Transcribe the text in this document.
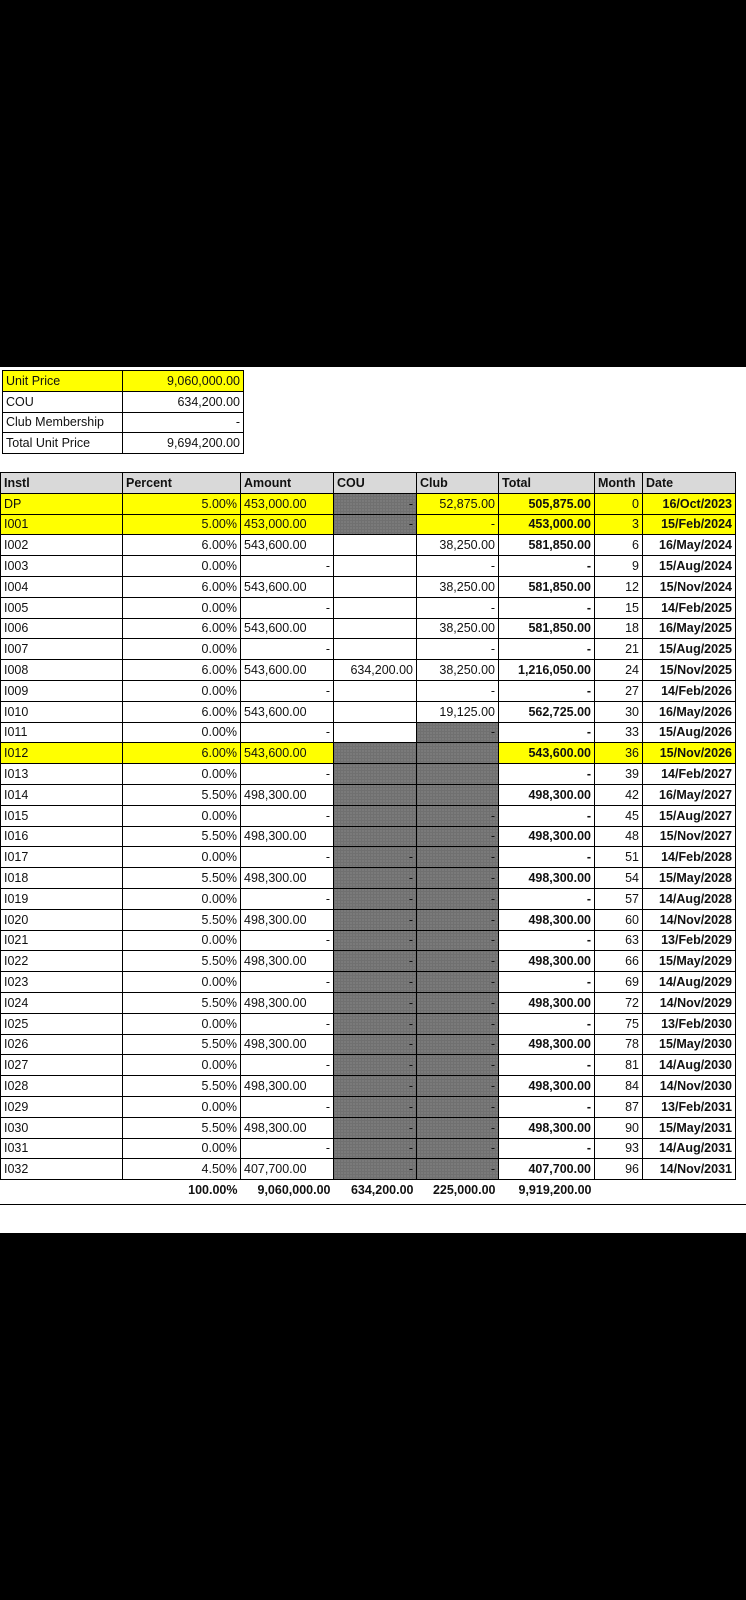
Unit Price	9,060,000.00
COU	634,200.00
Club Membership	-
Total Unit Price	9,694,200.00
Instl	Percent	Amount	COU	Club	Total	Month	Date
DP	5.00%	453,000.00	-	52,875.00	505,875.00	0	16/Oct/2023
I001	5.00%	453,000.00	-	-	453,000.00	3	15/Feb/2024
I002	6.00%	543,600.00		38,250.00	581,850.00	6	16/May/2024
I003	0.00%	-		-	-	9	15/Aug/2024
I004	6.00%	543,600.00		38,250.00	581,850.00	12	15/Nov/2024
I005	0.00%	-		-	-	15	14/Feb/2025
I006	6.00%	543,600.00		38,250.00	581,850.00	18	16/May/2025
I007	0.00%	-		-	-	21	15/Aug/2025
I008	6.00%	543,600.00	634,200.00	38,250.00	1,216,050.00	24	15/Nov/2025
I009	0.00%	-		-	-	27	14/Feb/2026
I010	6.00%	543,600.00		19,125.00	562,725.00	30	16/May/2026
I011	0.00%	-		-	-	33	15/Aug/2026
I012	6.00%	543,600.00			543,600.00	36	15/Nov/2026
I013	0.00%	-			-	39	14/Feb/2027
I014	5.50%	498,300.00			498,300.00	42	16/May/2027
I015	0.00%	-		-	-	45	15/Aug/2027
I016	5.50%	498,300.00		-	498,300.00	48	15/Nov/2027
I017	0.00%	-	-	-	-	51	14/Feb/2028
I018	5.50%	498,300.00	-	-	498,300.00	54	15/May/2028
I019	0.00%	-	-	-	-	57	14/Aug/2028
I020	5.50%	498,300.00	-	-	498,300.00	60	14/Nov/2028
I021	0.00%	-	-	-	-	63	13/Feb/2029
I022	5.50%	498,300.00	-	-	498,300.00	66	15/May/2029
I023	0.00%	-	-	-	-	69	14/Aug/2029
I024	5.50%	498,300.00	-	-	498,300.00	72	14/Nov/2029
I025	0.00%	-	-	-	-	75	13/Feb/2030
I026	5.50%	498,300.00	-	-	498,300.00	78	15/May/2030
I027	0.00%	-	-	-	-	81	14/Aug/2030
I028	5.50%	498,300.00	-	-	498,300.00	84	14/Nov/2030
I029	0.00%	-	-	-	-	87	13/Feb/2031
I030	5.50%	498,300.00	-	-	498,300.00	90	15/May/2031
I031	0.00%	-	-	-	-	93	14/Aug/2031
I032	4.50%	407,700.00	-	-	407,700.00	96	14/Nov/2031
	100.00%	9,060,000.00	634,200.00	225,000.00	9,919,200.00		
